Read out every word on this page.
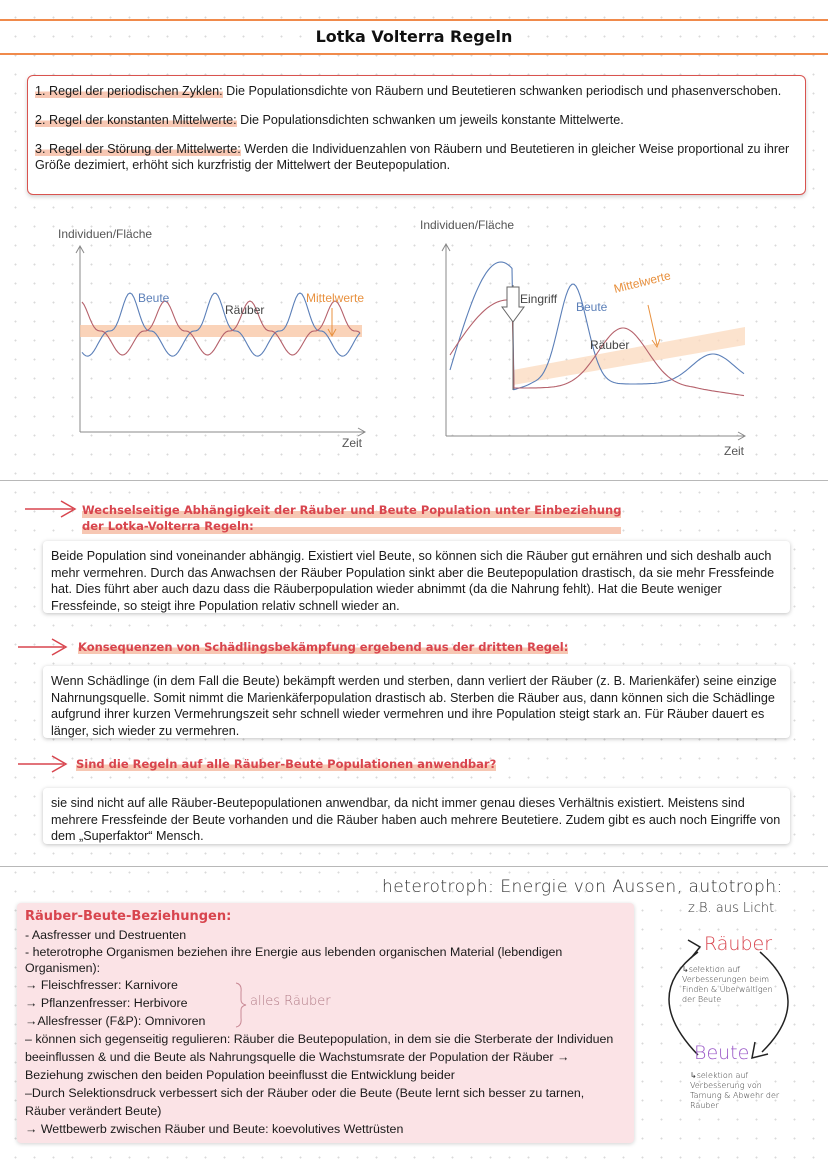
Lotka Volterra Regeln

1. Regel der periodischen Zyklen: Die Populationsdichte von Räubern und Beutetieren schwanken periodisch und phasenverschoben.

2. Regel der konstanten Mittelwerte: Die Populationsdichten schwanken um jeweils konstante Mittelwerte.

3. Regel der Störung der Mittelwerte: Werden die Individuenzahlen von Räubern und Beutetieren in gleicher Weise proportional zu ihrer Größe dezimiert, erhöht sich kurzfristig der Mittelwert der Beutepopulation.

Individuen/Fläche
Zeit
Beute
Räuber
Mittelwerte
Individuen/Fläche
Zeit
Eingriff
Beute
Räuber
Mittelwerte
Wechselseitige Abhängigkeit der Räuber und Beute Population unter Einbeziehung
der Lotka-Volterra Regeln:
Beide Population sind voneinander abhängig. Existiert viel Beute, so können sich die Räuber gut ernähren und sich deshalb auch mehr vermehren. Durch das Anwachsen der Räuber Population sinkt aber die Beutepopulation drastisch, da sie mehr Fressfeinde hat. Dies führt aber auch dazu dass die Räuberpopulation wieder abnimmt (da die Nahrung fehlt). Hat die Beute weniger Fressfeinde, so steigt ihre Population relativ schnell wieder an.
Konsequenzen von Schädlingsbekämpfung ergebend aus der dritten Regel:
Wenn Schädlinge (in dem Fall die Beute) bekämpft werden und sterben, dann verliert der Räuber (z. B. Marienkäfer) seine einzige Nahrnungsquelle. Somit nimmt die Marienkäferpopulation drastisch ab. Sterben die Räuber aus, dann können sich die Schädlinge aufgrund ihrer kurzen Vermehrungszeit sehr schnell wieder vermehren und ihre Population steigt stark an. Für Räuber dauert es länger, sich wieder zu vermehren.
Sind die Regeln auf alle Räuber-Beute Populationen anwendbar?
sie sind nicht auf alle Räuber-Beutepopulationen anwendbar, da nicht immer genau dieses Verhältnis existiert. Meistens sind mehrere Fressfeinde der Beute vorhanden und die Räuber haben auch mehrere Beutetiere. Zudem gibt es auch noch Eingriffe von dem „Superfaktor“ Mensch.
heterotroph: Energie von Aussen, autotroph:
z.B. aus Licht
Räuber-Beute-Beziehungen:
- Aasfresser und Destruenten
- heterotrophe Organismen beziehen ihre Energie aus lebenden organischen Material (lebendigen Organismen):
→ Fleischfresser: Karnivore
→ Pflanzenfresser: Herbivore
→Allesfresser (F&P): Omnivoren
– können sich gegenseitig regulieren: Räuber die Beutepopulation, in dem sie die Sterberate der Individuen beeinflussen & und die Beute als Nahrungsquelle die Wachstumsrate der Population der Räuber → Beziehung zwischen den beiden Population beeinflusst die Entwicklung beider
–Durch Selektionsdruck verbessert sich der Räuber oder die Beute (Beute lernt sich besser zu tarnen, Räuber verändert Beute)
→ Wettbewerb zwischen Räuber und Beute: koevolutives Wettrüsten
alles Räuber
Räuber
↳selektion auf Verbesserungen beim Finden & Überwältigen der Beute
Beute
↳selektion auf Verbesserung von Tarnung & Abwehr der Räuber
